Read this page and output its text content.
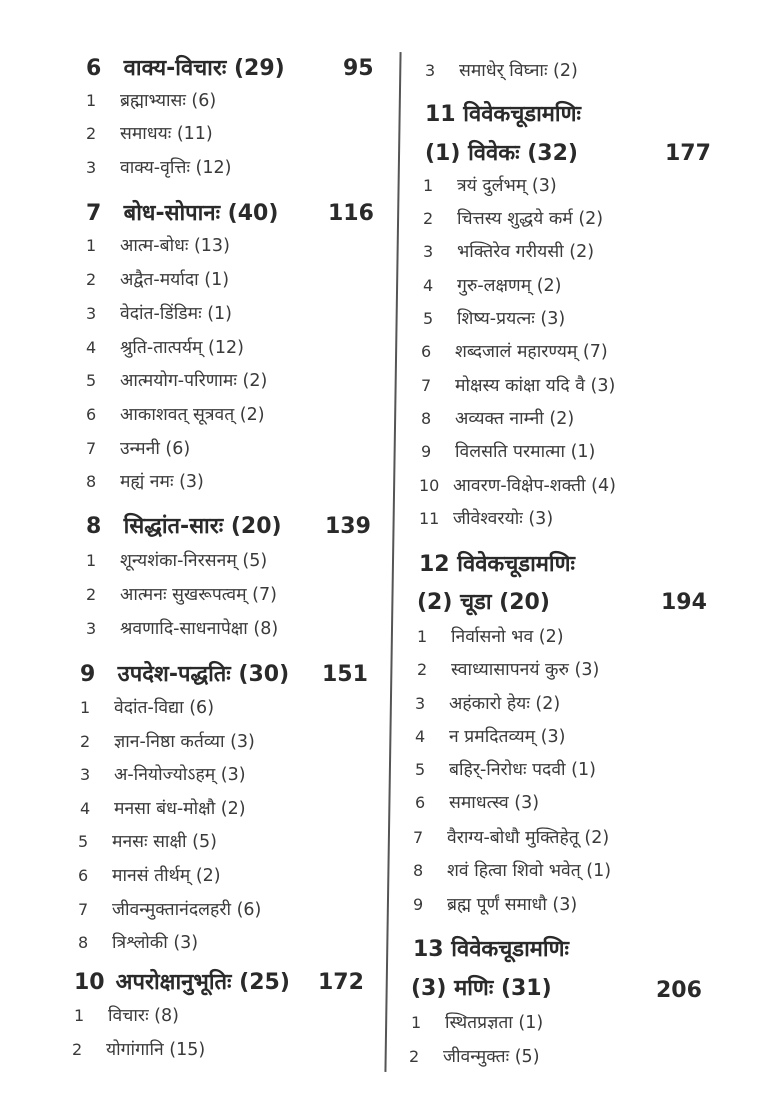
6 वाक्य-विचारः (29)	95
1 ब्रह्माभ्यासः (6)
2 समाधयः (11)
3 वाक्य-वृत्तिः (12)
7 बोध-सोपानः (40) 116
1 आत्म-बोधः (13)
2 अद्वैत-मर्यादा (1)
3 वेदांत-डिंडिमः (1)
4 श्रुति-तात्पर्यम् (12)
5 आत्मयोग-परिणामः (2)
6 आकाशवत् सूत्रवत् (2)
7 उन्मनी (6)
8 मह्यं नमः (3)
8 सिद्धांत-सारः (20) 139
1 शून्यशंका-निरसनम् (5)
2 आत्मनः सुखरूपत्वम् (7)
3 श्रवणादि-साधनापेक्षा (8)
9 उपदेश-पद्धतिः (30) 151
1 वेदांत-विद्या (6)
2 ज्ञान-निष्ठा कर्तव्या (3)
3 अ-नियोज्योऽहम् (3)
4 मनसा बंध-मोक्षौ (2)
5 मनसः साक्षी (5)
6 मानसं तीर्थम् (2)
7 जीवन्मुक्तानंदलहरी (6)
8 त्रिश्लोकी (3)
10 अपरोक्षानुभूतिः (25) 172
1 विचारः (8)
2 योगांगानि (15)
3 समाधेर् विघ्नाः (2)
11 विवेकचूडामणिः
(1) विवेकः (32)	177
1 त्रयं दुर्लभम् (3)
2 चित्तस्य शुद्धये कर्म (2)
3 भक्तिरेव गरीयसी (2)
4 गुरु-लक्षणम् (2)
5 शिष्य-प्रयत्नः (3)
6 शब्दजालं महारण्यम् (7)
7 मोक्षस्य कांक्षा यदि वै (3)
8 अव्यक्त नाम्नी (2)
9 विलसति परमात्मा (1)
10 आवरण-विक्षेप-शक्ती (4)
11 जीवेश्वरयोः (3)
12 विवेकचूडामणिः
(2) चूडा (20)	194
1 निर्वासनो भव (2)
2 स्वाध्यासापनयं कुरु (3)
3 अहंकारो हेयः (2)
4 न प्रमदितव्यम् (3)
5 बहिर्-निरोधः पदवी (1)
6 समाधत्स्व (3)
7 वैराग्य-बोधौ मुक्तिहेतू (2)
8 शवं हित्वा शिवो भवेत् (1)
9 ब्रह्म पूर्णं समाधौ (3)
13 विवेकचूडामणिः
(3) मणिः (31)	206
1 स्थितप्रज्ञता (1)
2 जीवन्मुक्तः (5)
